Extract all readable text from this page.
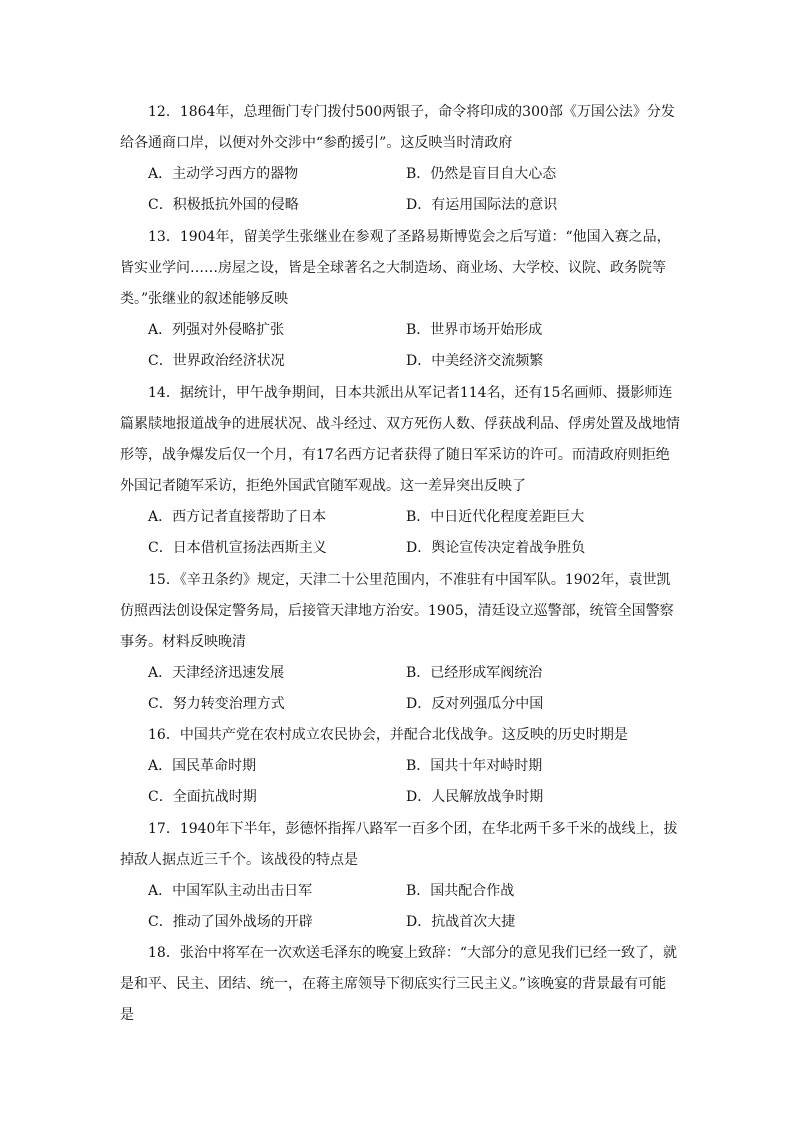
12．1864年，总理衙门专门拨付500两银子，命令将印成的300部《万国公法》分发给各通商口岸，以便对外交涉中“参酌援引”。这反映当时清政府

A．主动学习西方的器物	B．仍然是盲目自大心态
C．积极抵抗外国的侵略	D．有运用国际法的意识

13．1904年，留美学生张继业在参观了圣路易斯博览会之后写道：“他国入赛之品，皆实业学问……房屋之设，皆是全球著名之大制造场、商业场、大学校、议院、政务院等类。”张继业的叙述能够反映

A．列强对外侵略扩张	B．世界市场开始形成
C．世界政治经济状况	D．中美经济交流频繁

14．据统计，甲午战争期间，日本共派出从军记者114名，还有15名画师、摄影师连篇累牍地报道战争的进展状况、战斗经过、双方死伤人数、俘获战利品、俘虏处置及战地情形等，战争爆发后仅一个月，有17名西方记者获得了随日军采访的许可。而清政府则拒绝外国记者随军采访，拒绝外国武官随军观战。这一差异突出反映了

A．西方记者直接帮助了日本	B．中日近代化程度差距巨大
C．日本借机宣扬法西斯主义	D．舆论宣传决定着战争胜负

15．《辛丑条约》规定，天津二十公里范围内，不准驻有中国军队。1902年，袁世凯仿照西法创设保定警务局，后接管天津地方治安。1905，清廷设立巡警部，统管全国警察事务。材料反映晚清

A．天津经济迅速发展	B．已经形成军阀统治
C．努力转变治理方式	D．反对列强瓜分中国

16．中国共产党在农村成立农民协会，并配合北伐战争。这反映的历史时期是

A．国民革命时期	B．国共十年对峙时期
C．全面抗战时期	D．人民解放战争时期

17．1940年下半年，彭德怀指挥八路军一百多个团，在华北两千多千米的战线上，拔掉敌人据点近三千个。该战役的特点是

A．中国军队主动出击日军	B．国共配合作战
C．推动了国外战场的开辟	D．抗战首次大捷

18．张治中将军在一次欢送毛泽东的晚宴上致辞：“大部分的意见我们已经一致了，就是和平、民主、团结、统一，在蒋主席领导下彻底实行三民主义。”该晚宴的背景最有可能是
